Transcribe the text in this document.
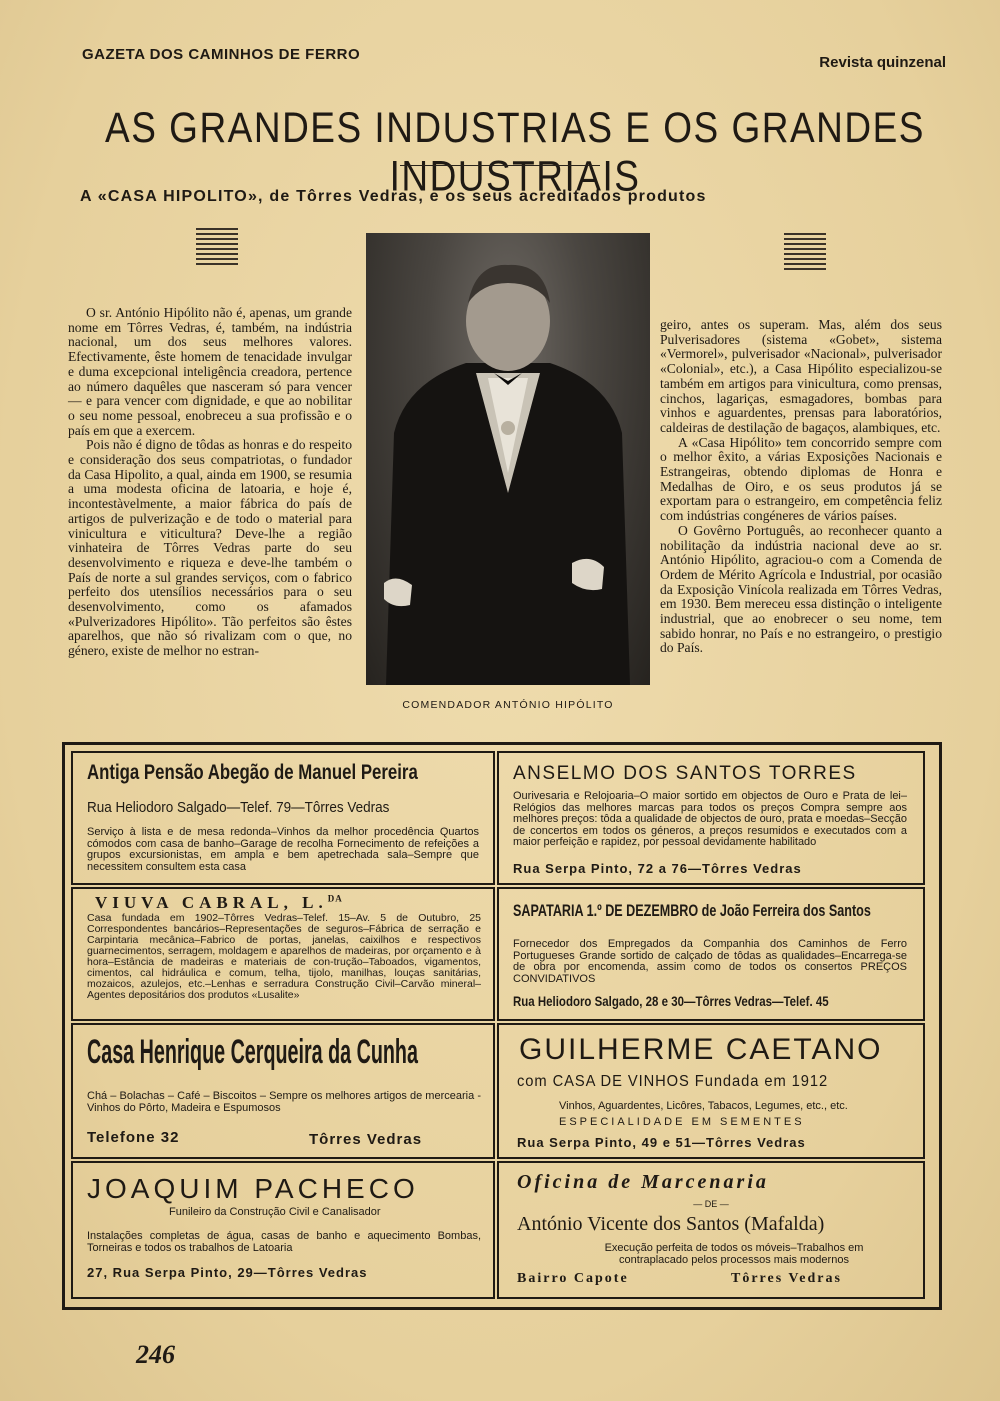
GAZETA DOS CAMINHOS DE FERRO	Revista quinzenal
AS GRANDES INDUSTRIAS E OS GRANDES INDUSTRIAIS
A «CASA HIPOLITO», de Tôrres Vedras, e os seus acreditados produtos

O sr. António Hipólito não é, apenas, um grande nome em Tôrres Vedras, é, também, na indústria nacional, um dos seus melhores valores. Efectivamente, êste homem de tenacidade invulgar e duma excepcional inteligência creadora, pertence ao número daquêles que nasceram só para vencer — e para vencer com dignidade, e que ao nobilitar o seu nome pessoal, enobreceu a sua profissão e o país em que a exercem.

Pois não é digno de tôdas as honras e do respeito e consideração dos seus compatriotas, o fundador da Casa Hipolito, a qual, ainda em 1900, se resumia a uma modesta oficina de latoaria, e hoje é, incontestàvelmente, a maior fábrica do país de artigos de pulverização e de todo o material para vinicultura e viticultura? Deve-lhe a região vinhateira de Tôrres Vedras parte do seu desenvolvimento e riqueza e deve-lhe também o País de norte a sul grandes serviços, com o fabrico perfeito dos utensílios necessários para o seu desenvolvimento, como os afamados «Pulverizadores Hipólito». Tão perfeitos são êstes aparelhos, que não só rivalizam com o que, no género, existe de melhor no estran-

COMENDADOR ANTÓNIO HIPÓLITO

geiro, antes os superam. Mas, além dos seus Pulverisadores (sistema «Gobet», sistema «Vermorel», pulverisador «Nacional», pulverisador «Colonial», etc.), a Casa Hipólito especializou-se também em artigos para vinicultura, como prensas, cinchos, lagariças, esmagadores, bombas para vinhos e aguardentes, prensas para laboratórios, caldeiras de destilação de bagaços, alambiques, etc.

A «Casa Hipólito» tem concorrido sempre com o melhor êxito, a várias Exposições Nacionais e Estrangeiras, obtendo diplomas de Honra e Medalhas de Oiro, e os seus produtos já se exportam para o estrangeiro, em competência feliz com indústrias congéneres de vários países.

O Govêrno Português, ao reconhecer quanto a nobilitação da indústria nacional deve ao sr. António Hipólito, agraciou-o com a Comenda de Ordem de Mérito Agrícola e Industrial, por ocasião da Exposição Vinícola realizada em Tôrres Vedras, em 1930. Bem mereceu essa distinção o inteligente industrial, que ao enobrecer o seu nome, tem sabido honrar, no País e no estrangeiro, o prestigio do País.

Antiga Pensão Abegão de Manuel Pereira
Rua Heliodoro Salgado—Telef. 79—Tôrres Vedras
Serviço à lista e de mesa redonda–Vinhos da melhor procedência Quartos cómodos com casa de banho–Garage de recolha Fornecimento de refeições a grupos excursionistas, em ampla e bem apetrechada sala–Sempre que necessitem consultem esta casa
ANSELMO DOS SANTOS TORRES
Ourivesaria e Relojoaria–O maior sortido em objectos de Ouro e Prata de lei–Relógios das melhores marcas para todos os preços Compra sempre aos melhores preços: tôda a qualidade de objectos de ouro, prata e moedas–Secção de concertos em todos os géneros, a preços resumidos e executados com a maior perfeição e rapidez, por pessoal devidamente habilitado
Rua Serpa Pinto, 72 a 76—Tôrres Vedras
VIUVA CABRAL, L.$^{DA}$
Casa fundada em 1902–Tôrres Vedras–Telef. 15–Av. 5 de Outubro, 25 Correspondentes bancários–Representações de seguros–Fábrica de serração e Carpintaria mecânica–Fabrico de portas, janelas, caixilhos e respectivos guarnecimentos, serragem, moldagem e aparelhos de madeiras, por orçamento e à hora–Estância de madeiras e materiais de con-trução–Taboados, vigamentos, cimentos, cal hidráulica e comum, telha, tijolo, manilhas, louças sanitárias, mozaicos, azulejos, etc.–Lenhas e serradura Construção Civil–Carvão mineral–Agentes depositários dos produtos «Lusalite»
SAPATARIA 1.º DE DEZEMBRO de João Ferreira dos Santos
Fornecedor dos Empregados da Companhia dos Caminhos de Ferro Portugueses Grande sortido de calçado de tôdas as qualidades–Encarrega-se de obra por encomenda, assim como de todos os consertos PREÇOS CONVIDATIVOS
Rua Heliodoro Salgado, 28 e 30—Tôrres Vedras—Telef. 45
Casa Henrique Cerqueira da Cunha
Chá – Bolachas – Café – Biscoitos – Sempre os melhores artigos de mercearia - Vinhos do Pôrto, Madeira e Espumosos
Telefone 32	Tôrres Vedras
GUILHERME CAETANO
com CASA DE VINHOS Fundada em 1912
Vinhos, Aguardentes, Licôres, Tabacos, Legumes, etc., etc.
ESPECIALIDADE EM SEMENTES
Rua Serpa Pinto, 49 e 51—Tôrres Vedras
JOAQUIM PACHECO
Funileiro da Construção Civil e Canalisador
Instalações completas de água, casas de banho e aquecimento Bombas, Torneiras e todos os trabalhos de Latoaria
27, Rua Serpa Pinto, 29—Tôrres Vedras
Oficina de Marcenaria
— DE —
António Vicente dos Santos (Mafalda)
Execução perfeita de todos os móveis–Trabalhos em contraplacado pelos processos mais modernos
Bairro Capote	Tôrres Vedras
246
